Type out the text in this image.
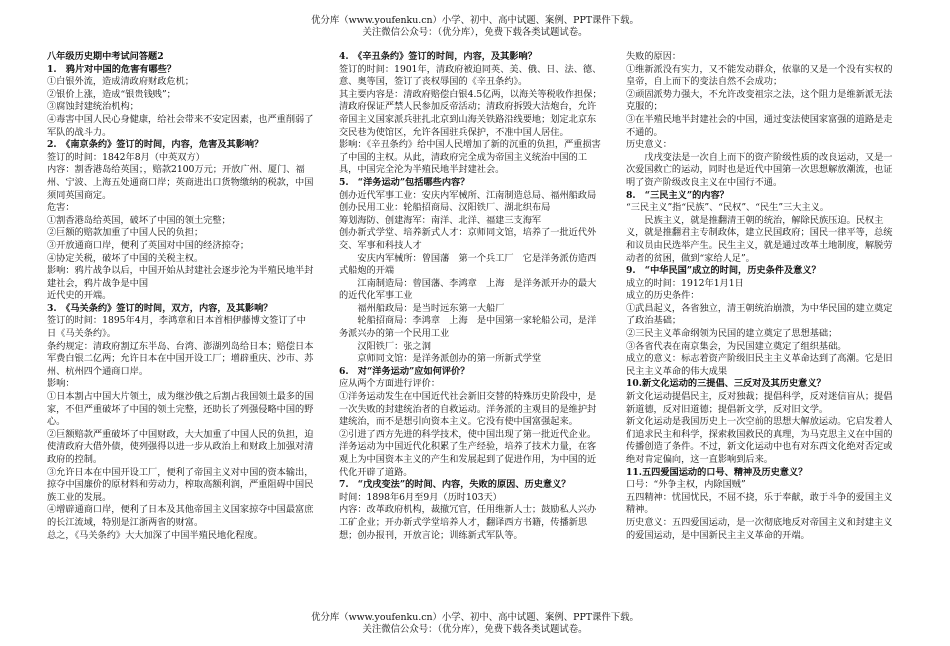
优分库（www.youfenku.cn）小学、初中、高中试题、案例、PPT课件下载。
关注微信公众号：（优分库），免费下载各类试题试卷。

八年级历史期中考试问答题2

1.　鸦片对中国的危害有哪些？

①白银外流，造成清政府财政危机；

②银价上涨，造成“银贵钱贱”；

③腐蚀封建统治机构；

④毒害中国人民心身健康，给社会带来不安定因素，也严重削弱了军队的战斗力。

2.　《南京条约》签订的时间，内容，危害及其影响？

签订的时间：1842年8月（中英双方）

内容：割香港岛给英国；，赔款2100万元；开放广州、厦门、福州、宁波、上海五处通商口岸；英商进出口货物缴纳的税款，中国须同英国商定。

危害：

①割香港岛给英国，破坏了中国的领土完整；

②巨额的赔款加重了中国人民的负担；

③开放通商口岸，便利了英国对中国的经济掠夺；

④协定关税，破坏了中国的关税主权。

影响：鸦片战争以后，中国开始从封建社会逐步沦为半殖民地半封建社会，鸦片战争是中国

近代史的开端。

3.　《马关条约》签订的时间，双方，内容，及其影响？

签订的时间：1895年4月，李鸿章和日本首相伊藤博文签订了中日《马关条约》。

条约规定：清政府割辽东半岛、台湾、澎湖列岛给日本；赔偿日本军费白银二亿两；允许日本在中国开设工厂；增辟重庆、沙市、苏州、杭州四个通商口岸。

影响：

①日本割占中国大片领土，成为继沙俄之后割占我国领土最多的国家，不但严重破坏了中国的领土完整，还助长了列强侵略中国的野心。

②巨额赔款严重破坏了中国财政，大大加重了中国人民的负担，迫使清政府大借外债，使列强得以进一步从政治上和财政上加强对清政府的控制。

③允许日本在中国开设工厂，便利了帝国主义对中国的资本输出，掠夺中国廉价的原材料和劳动力，榨取高额利润，严重阻碍中国民族工业的发展。

④增辟通商口岸，便利了日本及其他帝国主义国家掠夺中国最富庶的长江流域，特别是江浙两省的财富。

总之，《马关条约》大大加深了中国半殖民地化程度。

4.　《辛丑条约》签订的时间，内容，及其影响？

签订的时间：1901年，清政府被迫同英、美、俄、日、法、德、意、奥等国，签订了丧权辱国的《辛丑条约》。

其主要内容是：清政府赔偿白银4.5亿两，以海关等税收作担保；清政府保证严禁人民参加反帝活动；清政府拆毁大沽炮台，允许帝国主义国家派兵驻扎北京到山海关铁路沿线要地；划定北京东交民巷为使馆区，允许各国驻兵保护，不准中国人居住。

影响：《辛丑条约》给中国人民增加了新的沉重的负担，严重损害了中国的主权。从此，清政府完全成为帝国主义统治中国的工具，中国完全沦为半殖民地半封建社会。

5.　“洋务运动”包括哪些内容？

创办近代军事工业：安庆内军械所、江南制造总局、福州船政局

创办民用工业：轮船招商局、汉阳铁厂、湖北织布局

筹划海防、创建海军：南洋、北洋、福建三支海军

创办新式学堂、培养新式人才：京师同文馆，培养了一批近代外交、军事和科技人才

安庆内军械所：曾国藩　第一个兵工厂　它是洋务派仿造西式船炮的开端

江南制造局：曾国藩、李鸿章　上海　是洋务派开办的最大的近代化军事工业

福州船政局：是当时远东第一大船厂

轮船招商局：李鸿章　上海　是中国第一家轮船公司，是洋务派兴办的第一个民用工业

汉阳铁厂：张之洞

京师同文馆：是洋务派创办的第一所新式学堂

6.　对“洋务运动”应如何评价？

应从两个方面进行评价：

①洋务运动发生在中国近代社会新旧交替的特殊历史阶段中，是一次失败的封建统治者的自救运动。洋务派的主观目的是维护封建统治，而不是想引向资本主义。它没有使中国富强起来。

②引进了西方先进的科学技术，使中国出现了第一批近代企业。洋务运动为中国近代化积累了生产经验，培养了技术力量，在客观上为中国资本主义的产生和发展起到了促进作用，为中国的近代化开辟了道路。

7.　“戊戌变法”的时间、内容，失败的原因、历史意义？

时间：1898年6月至9月（历时103天）

内容：改革政府机构，裁撤冗官，任用维新人士；鼓励私人兴办工矿企业；开办新式学堂培养人才，翻译西方书籍，传播新思想；创办报刊，开放言论；训练新式军队等。

失败的原因：

①维新派没有实力，又不能发动群众，依靠的又是一个没有实权的皇帝，自上而下的变法自然不会成功；

②顽固派势力强大，不允许改变祖宗之法，这个阻力是维新派无法克服的；

③在半殖民地半封建社会的中国，通过变法使国家富强的道路是走不通的。

历史意义：

戊戌变法是一次自上而下的资产阶级性质的改良运动，又是一次爱国救亡的运动，同时也是近代中国第一次思想解放潮流，也证明了资产阶级改良主义在中国行不通。

8.　“三民主义”的内容？

“三民主义”指“民族”、“民权”、“民生”三大主义。

民族主义，就是推翻清王朝的统治，解除民族压迫。民权主义，就是推翻君主专制政体，建立民国政府；国民一律平等，总统和议员由民选举产生。民生主义，就是通过改革土地制度，解脱劳动者的贫困，做到“家给人足”。

9.　“中华民国”成立的时间，历史条件及意义？

成立的时间：1912年1月1日

成立的历史条件：

①武昌起义，各省独立，清王朝统治崩溃，为中华民国的建立奠定了政治基础；

②三民主义革命纲领为民国的建立奠定了思想基础；

③各省代表在南京集会，为民国建立奠定了组织基础。

成立的意义：标志着资产阶级旧民主主义革命达到了高潮。它是旧民主主义革命的伟大成果

10.新文化运动的三提倡、三反对及其历史意义？

新文化运动提倡民主，反对独裁；提倡科学，反对迷信盲从；提倡新道德，反对旧道德；提倡新文学，反对旧文学。

新文化运动是我国历史上一次空前的思想大解放运动。它启发着人们追求民主和科学，探索救国救民的真理，为马克思主义在中国的传播创造了条件。不过，新文化运动中也有对东西文化绝对否定或绝对肯定偏向，这一直影响到后来。

11.五四爱国运动的口号、精神及历史意义？

口号：“外争主权，内除国贼”

五四精神：忧国忧民，不屈不挠，乐于奉献，敢于斗争的爱国主义精神。

历史意义：五四爱国运动，是一次彻底地反对帝国主义和封建主义的爱国运动，是中国新民主主义革命的开端。

优分库（www.youfenku.cn）小学、初中、高中试题、案例、PPT课件下载。
关注微信公众号：（优分库），免费下载各类试题试卷。
